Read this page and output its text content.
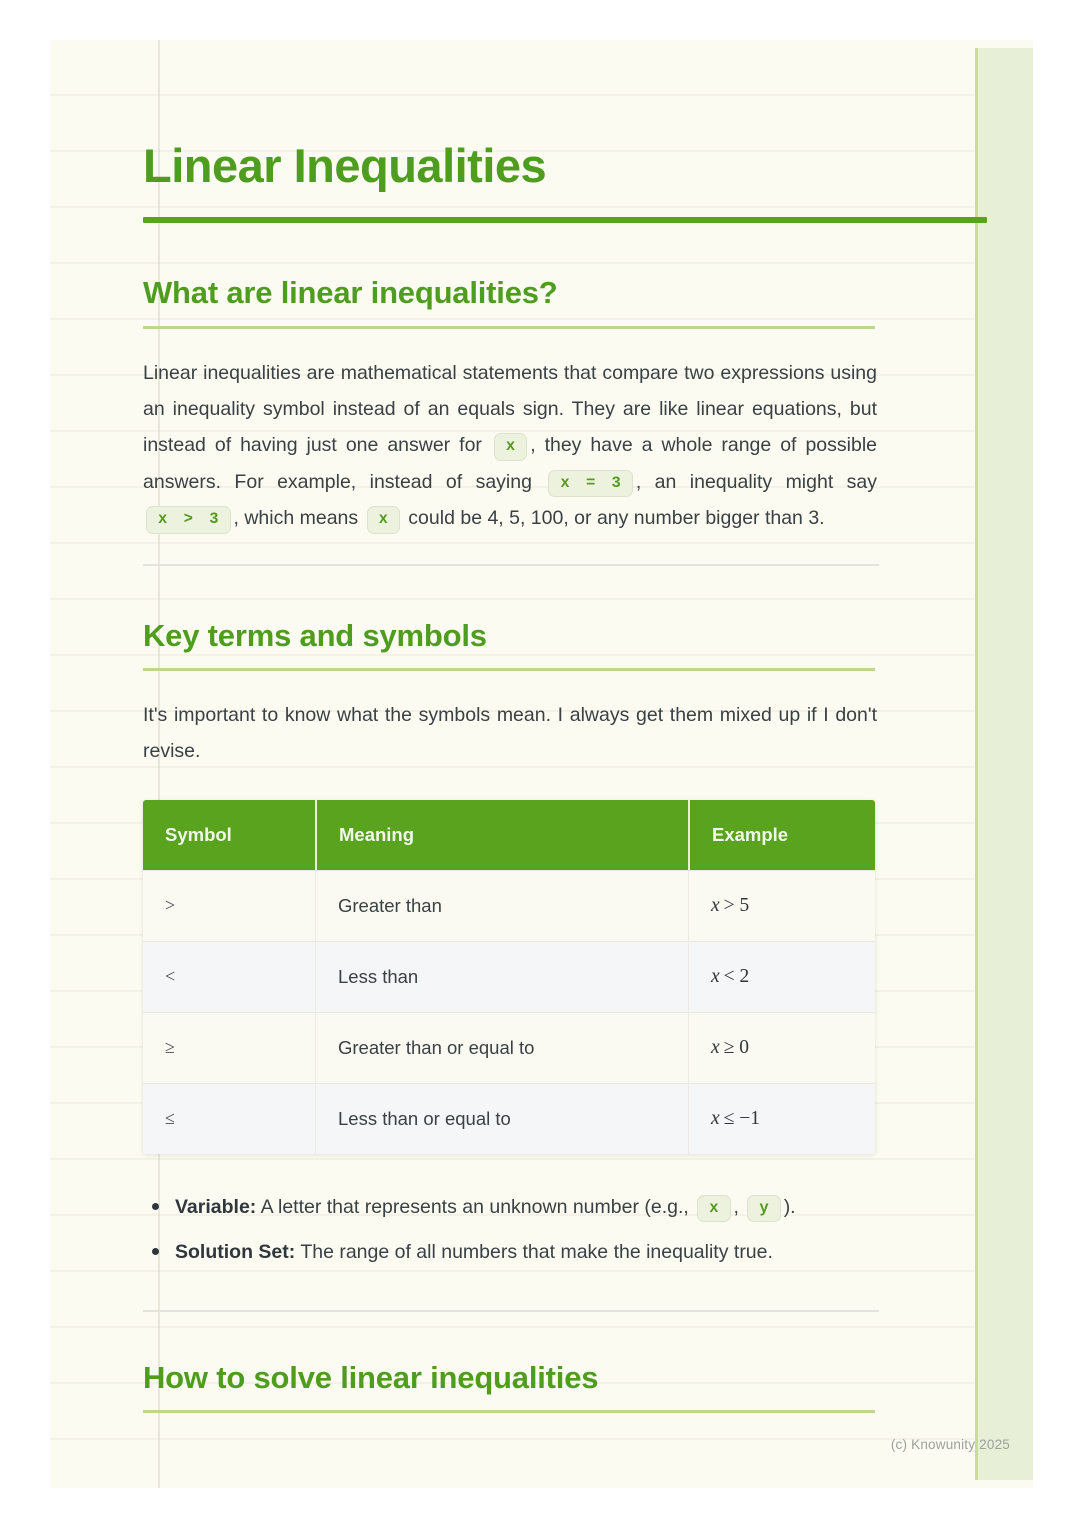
Linear Inequalities
What are linear inequalities?

Linear inequalities are mathematical statements that compare two expressions using an inequality symbol instead of an equals sign. They are like linear equations, but instead of having just one answer for x , they have a whole range of possible answers. For example, instead of saying x = 3 , an inequality might say x > 3 , which means x could be 4, 5, 100, or any number bigger than 3.

Key terms and symbols

It's important to know what the symbols mean. I always get them mixed up if I don't revise.

Symbol	Meaning	Example
>	Greater than	x > 5
<	Less than	x < 2
≥	Greater than or equal to	x ≥ 0
≤	Less than or equal to	x ≤ −1
Variable: A letter that represents an unknown number (e.g., x , y ).
Solution Set: The range of all numbers that make the inequality true.
How to solve linear inequalities
(c) Knowunity 2025
